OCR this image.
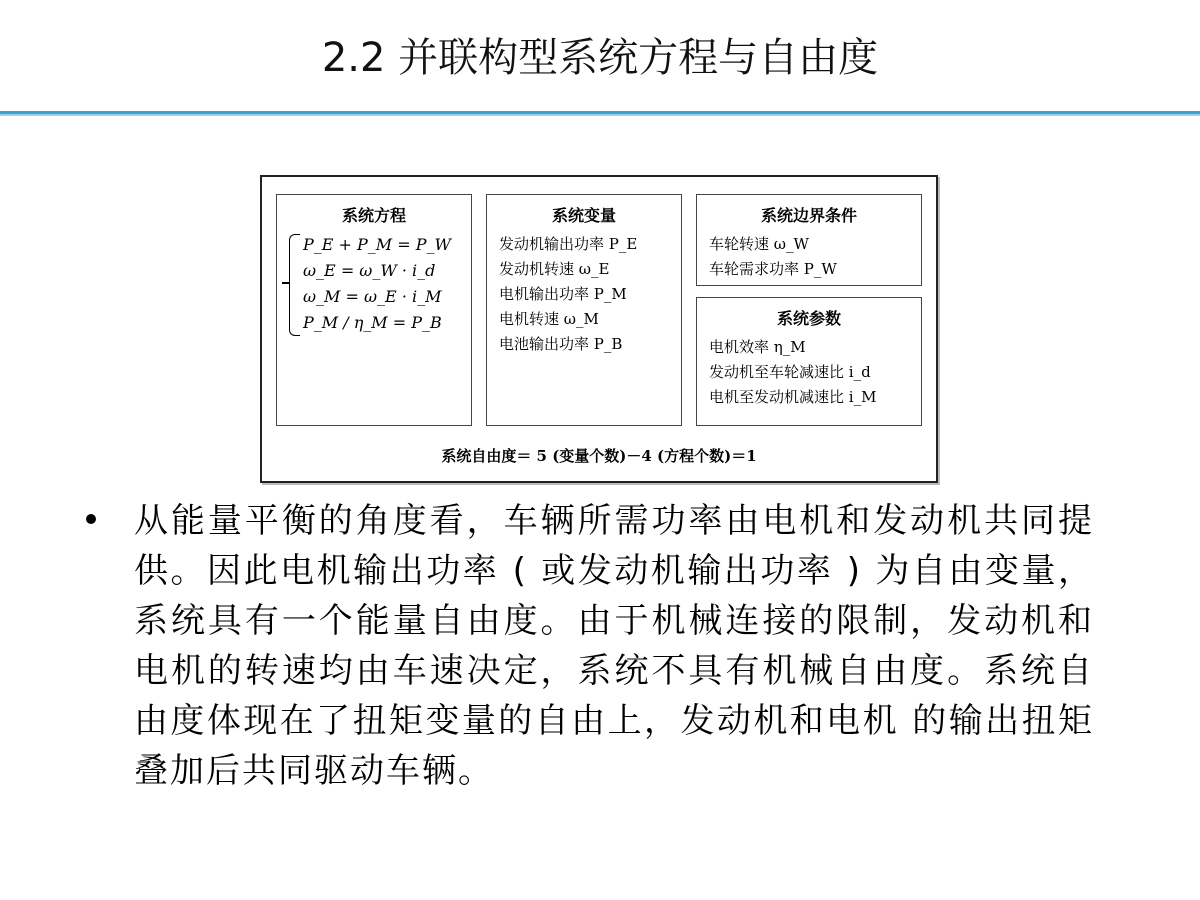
2.2 并联构型系统方程与自由度
系统方程
P_E + P_M = P_W
ω_E = ω_W · i_d
ω_M = ω_E · i_M
P_M / η_M = P_B
系统变量
发动机输出功率 P_E
发动机转速 ω_E
电机输出功率 P_M
电机转速 ω_M
电池输出功率 P_B
系统边界条件
车轮转速 ω_W
车轮需求功率 P_W
系统参数
电机效率 η_M
发动机至车轮减速比 i_d
电机至发动机减速比 i_M
系统自由度＝ 5 (变量个数)－4 (方程个数)＝1
从能量平衡的角度看，车辆所需功率由电机和发动机共同提供。因此电机输出功率 ( 或发动机输出功率 ) 为自由变量，系统具有一个能量自由度。由于机械连接的限制，发动机和电机的转速均由车速决定，系统不具有机械自由度。系统自由度体现在了扭矩变量的自由上，发动机和电机 的输出扭矩叠加后共同驱动车辆。
